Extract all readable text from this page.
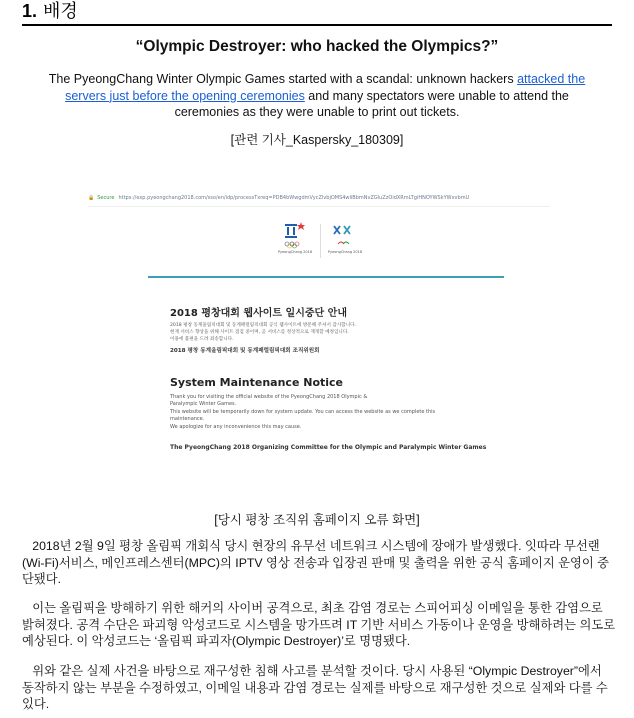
1. 배경
“Olympic Destroyer: who hacked the Olympics?”
The PyeongChang Winter Olympic Games started with a scandal: unknown hackers attacked the servers just before the opening ceremonies and many spectators were unable to attend the ceremonies as they were unable to print out tickets.
[관련 기사_Kaspersky_180309]
🔒 Secure https://exp.pyeongchang2018.com/sso/en/idp/processTxreq=PDB4bWwgdmVycZlvbjOMS4wliBbmNvZGluZzOidXRmLTgiHNOYWSkYWxvbmU
PyeongChang 2018	PyeongChang 2018
2018 평창대회 웹사이트 일시중단 안내
2018 평창 동계올림픽대회 및 동계패럴림픽대회 공식 웹사이트에 방문해 주셔서 감사합니다.
현재 서비스 향상을 위해 사이트 점검 중이며, 곧 서비스를 정상적으로 재개할 예정입니다.
이용에 불편을 드려 죄송합니다.
2018 평창 동계올림픽대회 및 동계패럴림픽대회 조직위원회
System Maintenance Notice
Thank you for visiting the official website of the PyeongChang 2018 Olympic &
Paralympic Winter Games.
This website will be temporarily down for system update. You can access the website as we complete this
maintenance.
We apologize for any inconvenience this may cause.
The PyeongChang 2018 Organizing Committee for the Olympic and Paralympic Winter Games
[당시 평창 조직위 홈페이지 오류 화면]
2018년 2월 9일 평창 올림픽 개회식 당시 현장의 유무선 네트워크 시스템에 장애가 발생했다. 잇따라 무선랜(Wi-Fi)서비스, 메인프레스센터(MPC)의 IPTV 영상 전송과 입장권 판매 및 출력을 위한 공식 홈페이지 운영이 중단됐다.
이는 올림픽을 방해하기 위한 해커의 사이버 공격으로, 최초 감염 경로는 스피어피싱 이메일을 통한 감염으로 밝혀졌다. 공격 수단은 파괴형 악성코드로 시스템을 망가뜨려 IT 기반 서비스 가동이나 운영을 방해하려는 의도로 예상된다. 이 악성코드는 ‘올림픽 파괴자(Olympic Destroyer)’로 명명됐다.
위와 같은 실제 사건을 바탕으로 재구성한 침해 사고를 분석할 것이다. 당시 사용된 “Olympic Destroyer”에서 동작하지 않는 부분을 수정하였고, 이메일 내용과 감염 경로는 실제를 바탕으로 재구성한 것으로 실제와 다를 수 있다.
